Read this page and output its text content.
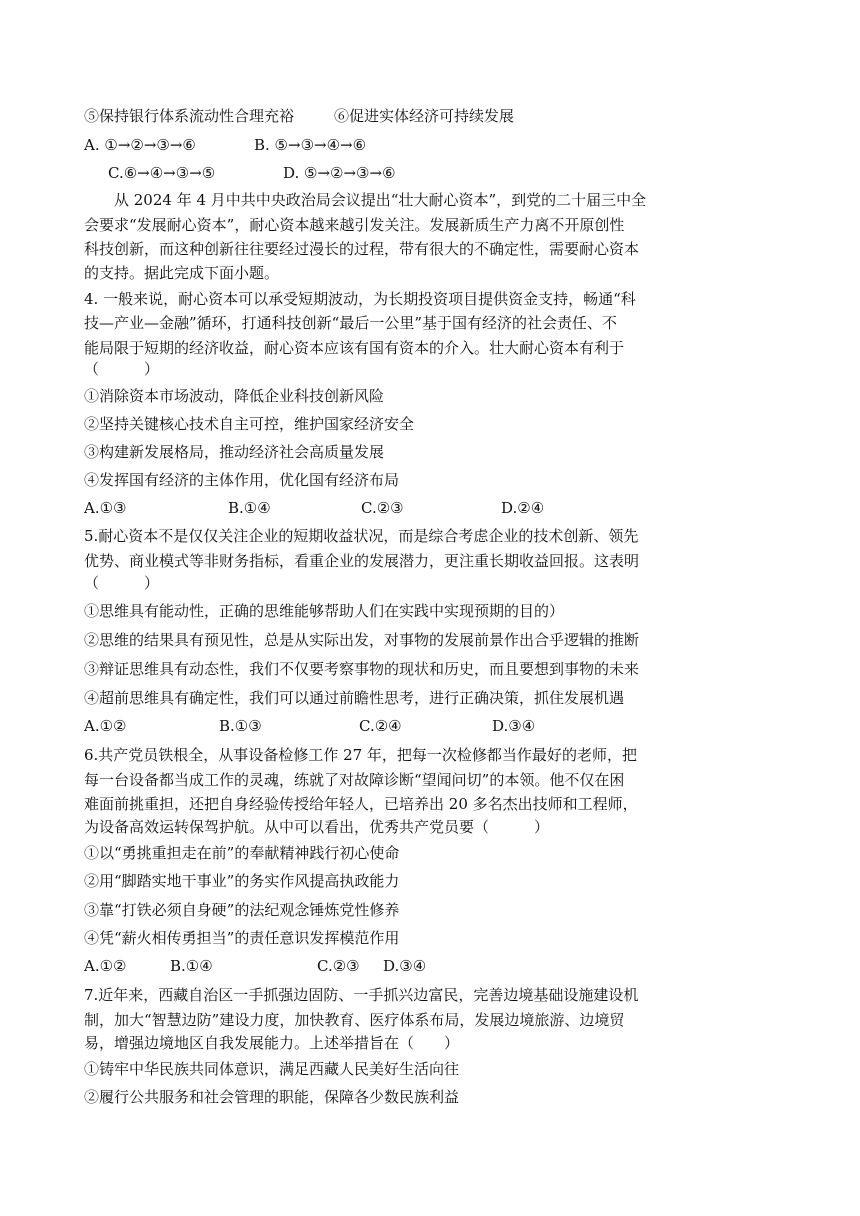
⑤保持银行体系流动性合理充裕	⑥促进实体经济可持续发展
A. ①→②→③→⑥	B. ⑤→③→④→⑥
C.⑥→④→③→⑤	D. ⑤→②→③→⑥
从 2024 年 4 月中共中央政治局会议提出“壮大耐心资本”，到党的二十届三中全
会要求“发展耐心资本”，耐心资本越来越引发关注。发展新质生产力离不开原创性
科技创新，而这种创新往往要经过漫长的过程，带有很大的不确定性，需要耐心资本
的支持。据此完成下面小题。
4. 一般来说，耐心资本可以承受短期波动，为长期投资项目提供资金支持，畅通“科
技—产业—金融”循环，打通科技创新“最后一公里”基于国有经济的社会责任、不
能局限于短期的经济收益，耐心资本应该有国有资本的介入。壮大耐心资本有利于
（　　　）
①消除资本市场波动，降低企业科技创新风险
②坚持关键核心技术自主可控，维护国家经济安全
③构建新发展格局，推动经济社会高质量发展
④发挥国有经济的主体作用，优化国有经济布局
A.①③	B.①④	C.②③	D.②④
5.耐心资本不是仅仅关注企业的短期收益状况，而是综合考虑企业的技术创新、领先
优势、商业模式等非财务指标，看重企业的发展潜力，更注重长期收益回报。这表明
（　　　）
①思维具有能动性，正确的思维能够帮助人们在实践中实现预期的目的）
②思维的结果具有预见性，总是从实际出发，对事物的发展前景作出合乎逻辑的推断
③辩证思维具有动态性，我们不仅要考察事物的现状和历史，而且要想到事物的未来
④超前思维具有确定性，我们可以通过前瞻性思考，进行正确决策，抓住发展机遇
A.①②	B.①③	C.②④	D.③④
6.共产党员铁根全，从事设备检修工作 27 年，把每一次检修都当作最好的老师，把
每一台设备都当成工作的灵魂，练就了对故障诊断“望闻问切”的本领。他不仅在困
难面前挑重担，还把自身经验传授给年轻人，已培养出 20 多名杰出技师和工程师，
为设备高效运转保驾护航。从中可以看出，优秀共产党员要（　　　）
①以“勇挑重担走在前”的奉献精神践行初心使命
②用“脚踏实地干事业”的务实作风提高执政能力
③靠“打铁必须自身硬”的法纪观念锤炼党性修养
④凭“薪火相传勇担当”的责任意识发挥模范作用
A.①②	B.①④	C.②③ D.③④
7.近年来，西藏自治区一手抓强边固防、一手抓兴边富民，完善边境基础设施建设机
制，加大“智慧边防”建设力度，加快教育、医疗体系布局，发展边境旅游、边境贸
易，增强边境地区自我发展能力。上述举措旨在（　　）
①铸牢中华民族共同体意识，满足西藏人民美好生活向往
②履行公共服务和社会管理的职能，保障各少数民族利益
